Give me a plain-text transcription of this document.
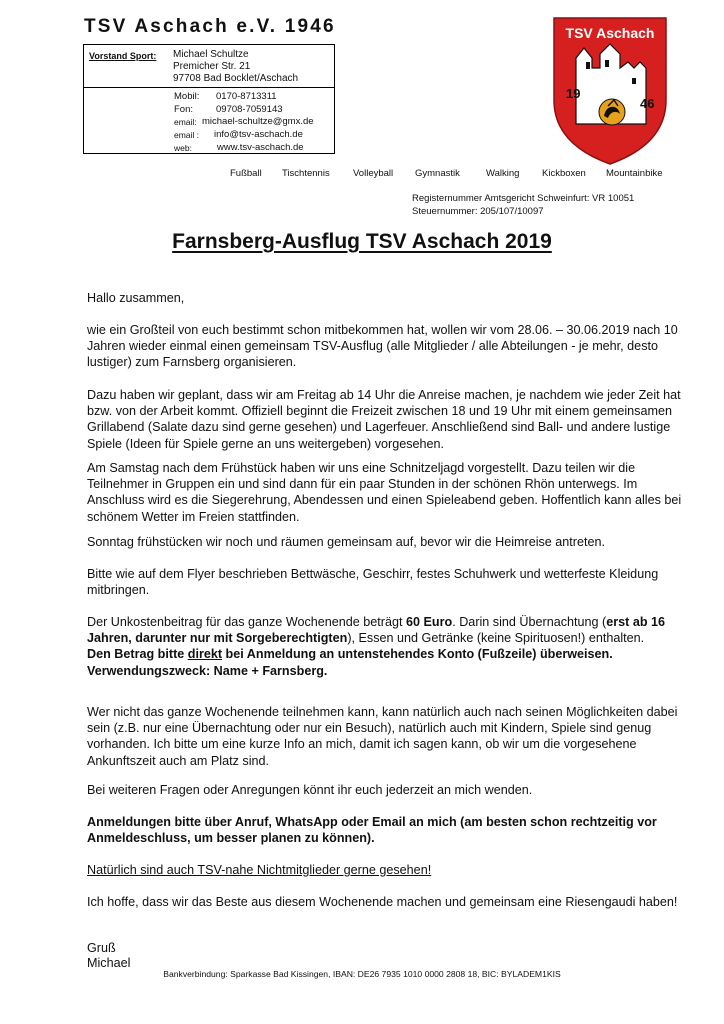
TSV Aschach e.V. 1946
Vorstand Sport: Michael Schultze
Premicher Str. 21
97708 Bad Bocklet/Aschach
Mobil: 0170-8713311
Fon: 09708-7059143
email: michael-schultze@gmx.de
email : info@tsv-aschach.de
web:	www.tsv-aschach.de
TSV Aschach
19
46
Fußball Tischtennis Volleyball Gymnastik	Walking Kickboxen Mountainbike
Registernummer Amtsgericht Schweinfurt: VR 10051
Steuernummer: 205/107/10097
Farnsberg-Ausflug TSV Aschach 2019
Hallo zusammen,
wie ein Großteil von euch bestimmt schon mitbekommen hat, wollen wir vom 28.06. – 30.06.2019 nach 10 Jahren wieder einmal einen gemeinsam TSV-Ausflug (alle Mitglieder / alle Abteilungen - je mehr, desto lustiger) zum Farnsberg organisieren.
Dazu haben wir geplant, dass wir am Freitag ab 14 Uhr die Anreise machen, je nachdem wie jeder Zeit hat bzw. von der Arbeit kommt. Offiziell beginnt die Freizeit zwischen 18 und 19 Uhr mit einem gemeinsamen Grillabend (Salate dazu sind gerne gesehen) und Lagerfeuer. Anschließend sind Ball- und andere lustige Spiele (Ideen für Spiele gerne an uns weitergeben) vorgesehen.
Am Samstag nach dem Frühstück haben wir uns eine Schnitzeljagd vorgestellt. Dazu teilen wir die Teilnehmer in Gruppen ein und sind dann für ein paar Stunden in der schönen Rhön unterwegs. Im Anschluss wird es die Siegerehrung, Abendessen und einen Spieleabend geben. Hoffentlich kann alles bei schönem Wetter im Freien stattfinden.
Sonntag frühstücken wir noch und räumen gemeinsam auf, bevor wir die Heimreise antreten.
Bitte wie auf dem Flyer beschrieben Bettwäsche, Geschirr, festes Schuhwerk und wetterfeste Kleidung mitbringen.
Der Unkostenbeitrag für das ganze Wochenende beträgt 60 Euro. Darin sind Übernachtung (erst ab 16 Jahren, darunter nur mit Sorgeberechtigten), Essen und Getränke (keine Spirituosen!) enthalten.
Den Betrag bitte direkt bei Anmeldung an untenstehendes Konto (Fußzeile) überweisen.
Verwendungszweck: Name + Farnsberg.
Wer nicht das ganze Wochenende teilnehmen kann, kann natürlich auch nach seinen Möglichkeiten dabei sein (z.B. nur eine Übernachtung oder nur ein Besuch), natürlich auch mit Kindern, Spiele sind genug vorhanden. Ich bitte um eine kurze Info an mich, damit ich sagen kann, ob wir um die vorgesehene Ankunftszeit auch am Platz sind.
Bei weiteren Fragen oder Anregungen könnt ihr euch jederzeit an mich wenden.
Anmeldungen bitte über Anruf, WhatsApp oder Email an mich (am besten schon rechtzeitig vor Anmeldeschluss, um besser planen zu können).
Natürlich sind auch TSV-nahe Nichtmitglieder gerne gesehen!
Ich hoffe, dass wir das Beste aus diesem Wochenende machen und gemeinsam eine Riesengaudi haben!
Gruß
Michael
Bankverbindung: Sparkasse Bad Kissingen, IBAN: DE26 7935 1010 0000 2808 18, BIC: BYLADEM1KIS
